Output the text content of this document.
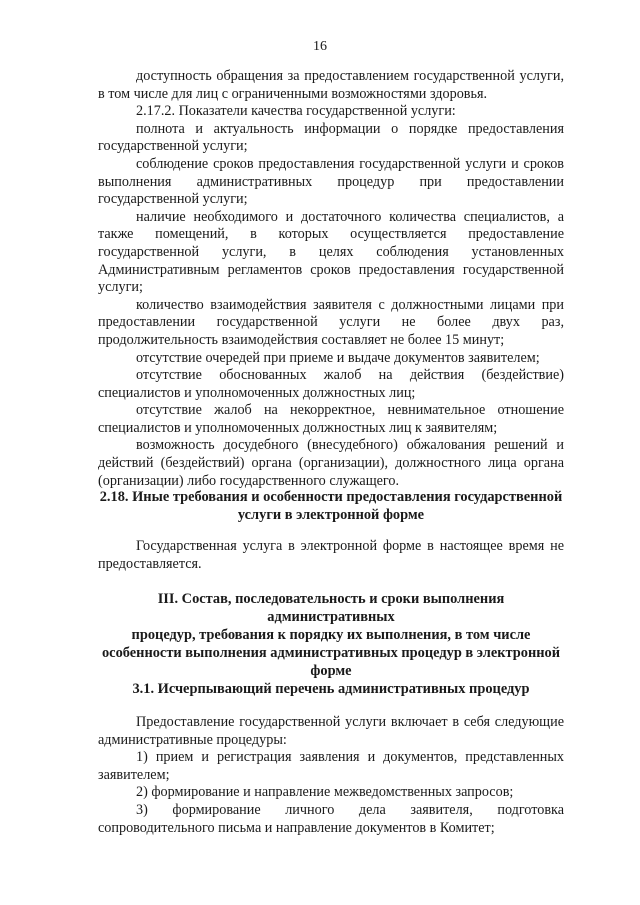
16

доступность обращения за предоставлением государственной услуги, в том числе для лиц с ограниченными возможностями здоровья.

2.17.2. Показатели качества государственной услуги:

полнота и актуальность информации о порядке предоставления государственной услуги;

соблюдение сроков предоставления государственной услуги и сроков выполнения административных процедур при предоставлении государственной услуги;

наличие необходимого и достаточного количества специалистов, а также помещений, в которых осуществляется предоставление государственной услуги, в целях соблюдения установленных Административным регламентов сроков предоставления государственной услуги;

количество взаимодействия заявителя с должностными лицами при предоставлении государственной услуги не более двух раз, продолжительность взаимодействия составляет не более 15 минут;

отсутствие очередей при приеме и выдаче документов заявителем;

отсутствие обоснованных жалоб на действия (бездействие) специалистов и уполномоченных должностных лиц;

отсутствие жалоб на некорректное, невнимательное отношение специалистов и уполномоченных должностных лиц к заявителям;

возможность досудебного (внесудебного) обжалования решений и действий (бездействий) органа (организации), должностного лица органа (организации) либо государственного служащего.

2.18. Иные требования и особенности предоставления государственной

услуги в электронной форме

Государственная услуга в электронной форме в настоящее время не предоставляется.

III. Состав, последовательность и сроки выполнения административных

процедур, требования к порядку их выполнения, в том числе

особенности выполнения административных процедур в электронной

форме

3.1. Исчерпывающий перечень административных процедур

Предоставление государственной услуги включает в себя следующие административные процедуры:

1) прием и регистрация заявления и документов, представленных заявителем;

2) формирование и направление межведомственных запросов;

3) формирование личного дела заявителя, подготовка сопроводительного письма и направление документов в Комитет;
